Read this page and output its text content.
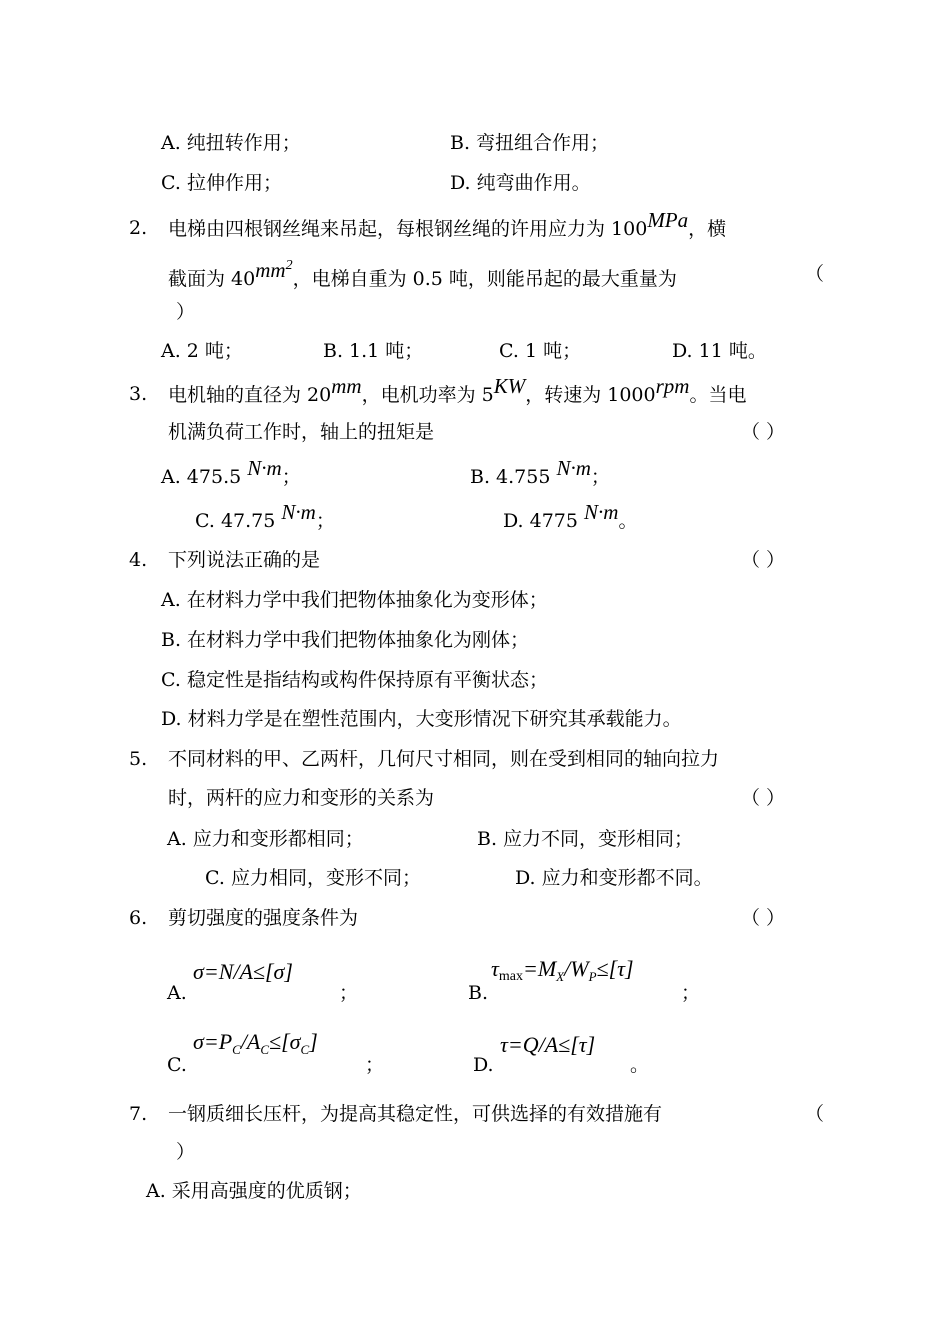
A. 纯扭转作用；	B. 弯扭组合作用；
C. 拉伸作用；	D. 纯弯曲作用。
2. 电梯由四根钢丝绳来吊起，每根钢丝绳的许用应力为 100MPa，横
截面为 $40mm^2$，电梯自重为 0.5 吨，则能吊起的最大重量为	（
）
A. 2 吨；	B. 1.1 吨；	C. 1 吨；	D. 11 吨。
3. 电机轴的直径为 20mm，电机功率为 5KW，转速为 1000rpm。当电
机满负荷工作时，轴上的扭矩是	（ ）
A. 475.5 N·m；	B. 4.755 N·m；
C. 47.75 N·m；	D. 4775 N·m。
4. 下列说法正确的是	（ ）
A. 在材料力学中我们把物体抽象化为变形体；
B. 在材料力学中我们把物体抽象化为刚体；
C. 稳定性是指结构或构件保持原有平衡状态；
D. 材料力学是在塑性范围内，大变形情况下研究其承载能力。
5. 不同材料的甲、乙两杆，几何尺寸相同，则在受到相同的轴向拉力
时，两杆的应力和变形的关系为	（ ）
A. 应力和变形都相同；	B. 应力不同，变形相同；
C. 应力相同，变形不同；	D. 应力和变形都不同。
6. 剪切强度的强度条件为	（ ）
A.
σ=N/A≤[σ]
；	B.
$\tau\max=M_X/W_P\le[\tau]$
；
C.
$\sigma=P_C/A_C\le[\sigma_C]$
；	D.
τ=Q/A≤[τ]
。
7. 一钢质细长压杆，为提高其稳定性，可供选择的有效措施有	（
）
A. 采用高强度的优质钢；
